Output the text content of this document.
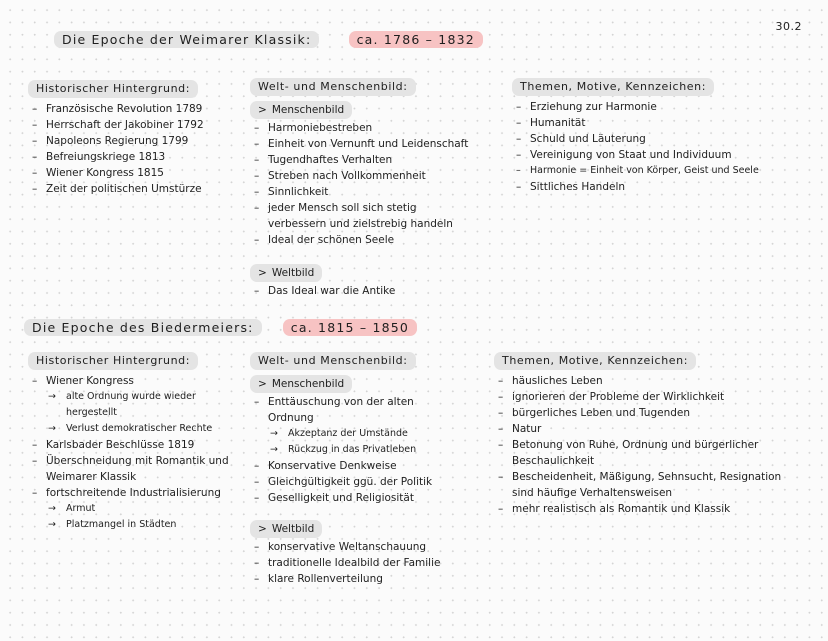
30.2
Die Epoche der Weimarer Klassik:	ca. 1786 – 1832
Historischer Hintergrund:
– Französische Revolution 1789
– Herrschaft der Jakobiner 1792
– Napoleons Regierung 1799
– Befreiungskriege 1813
– Wiener Kongress 1815
– Zeit der politischen Umstürze
Welt- und Menschenbild:
> Menschenbild
– Harmoniebestreben
– Einheit von Vernunft und Leidenschaft
– Tugendhaftes Verhalten
– Streben nach Vollkommenheit
– Sinnlichkeit
– jeder Mensch soll sich stetig verbessern und zielstrebig handeln
– Ideal der schönen Seele
> Weltbild
– Das Ideal war die Antike
Themen, Motive, Kennzeichen:
– Erziehung zur Harmonie
– Humanität
– Schuld und Läuterung
– Vereinigung von Staat und Individuum
– Harmonie = Einheit von Körper, Geist und Seele
– Sittliches Handeln
Die Epoche des Biedermeiers:	ca. 1815 – 1850
Historischer Hintergrund:
– Wiener Kongress
→ alte Ordnung wurde wieder hergestellt
→ Verlust demokratischer Rechte
– Karlsbader Beschlüsse 1819
– Überschneidung mit Romantik und Weimarer Klassik
– fortschreitende Industrialisierung
→ Armut
→ Platzmangel in Städten
Welt- und Menschenbild:
> Menschenbild
– Enttäuschung von der alten Ordnung
→ Akzeptanz der Umstände
→ Rückzug in das Privatleben
– Konservative Denkweise
– Gleichgültigkeit ggü. der Politik
– Geselligkeit und Religiosität
> Weltbild
– konservative Weltanschauung
– traditionelle Idealbild der Familie
– klare Rollenverteilung
Themen, Motive, Kennzeichen:
– häusliches Leben
– ignorieren der Probleme der Wirklichkeit
– bürgerliches Leben und Tugenden
– Natur
– Betonung von Ruhe, Ordnung und bürgerlicher Beschaulichkeit
– Bescheidenheit, Mäßigung, Sehnsucht, Resignation sind häufige Verhaltensweisen
– mehr realistisch als Romantik und Klassik
